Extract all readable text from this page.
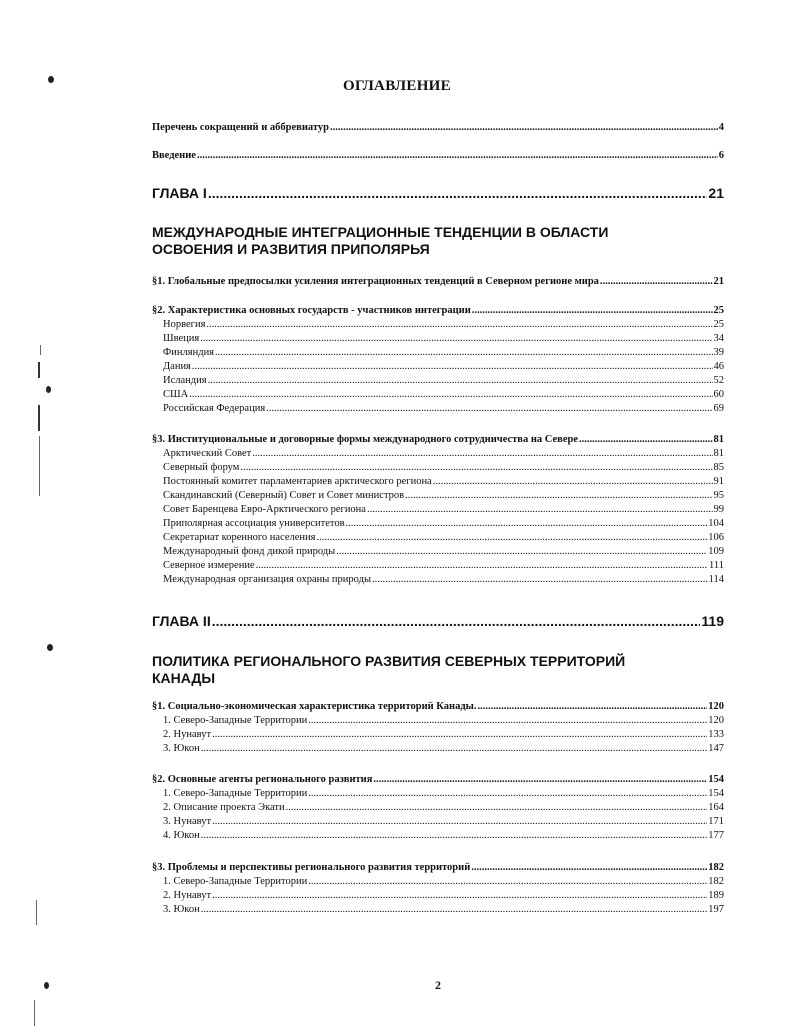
ОГЛАВЛЕНИЕ
Перечень сокращений и аббревиатур .....	4
Введение .....	6
ГЛАВА I .....	21
МЕЖДУНАРОДНЫЕ ИНТЕГРАЦИОННЫЕ ТЕНДЕНЦИИ В ОБЛАСТИ
ОСВОЕНИЯ И РАЗВИТИЯ ПРИПОЛЯРЬЯ
§1. Глобальные предпосылки усиления интеграционных тенденций в Северном регионе мира .....	21
§2. Характеристика основных государств - участников интеграции .....	25
Норвегия .....	25
Швеция .....	34
Финляндия .....	39
Дания .....	46
Исландия .....	52
США .....	60
Российская Федерация .....	69
§3. Институциональные и договорные формы международного сотрудничества на Севере .....	81
Арктический Совет .....	81
Северный форум .....	85
Постоянный комитет парламентариев арктического региона .....	91
Скандинавский (Северный) Совет и Совет министров .....	95
Совет Баренцева Евро-Арктического региона .....	99
Приполярная ассоциация университетов .....	104
Секретариат коренного населения .....	106
Международный фонд дикой природы .....	109
Северное измерение .....	111
Международная организация охраны природы .....	114
ГЛАВА II .....	119
ПОЛИТИКА РЕГИОНАЛЬНОГО РАЗВИТИЯ СЕВЕРНЫХ ТЕРРИТОРИЙ
КАНАДЫ
§1. Социально-экономическая характеристика территорий Канады. .....	120
1. Северо-Западные Территории .....	120
2. Нунавут .....	133
3. Юкон .....	147
§2. Основные агенты регионального развития .....	154
1. Северо-Западные Территории .....	154
2. Описание проекта Экати .....	164
3. Нунавут .....	171
4. Юкон .....	177
§3. Проблемы и перспективы регионального развития территорий .....	182
1. Северо-Западные Территории .....	182
2. Нунавут .....	189
3. Юкон .....	197
2
